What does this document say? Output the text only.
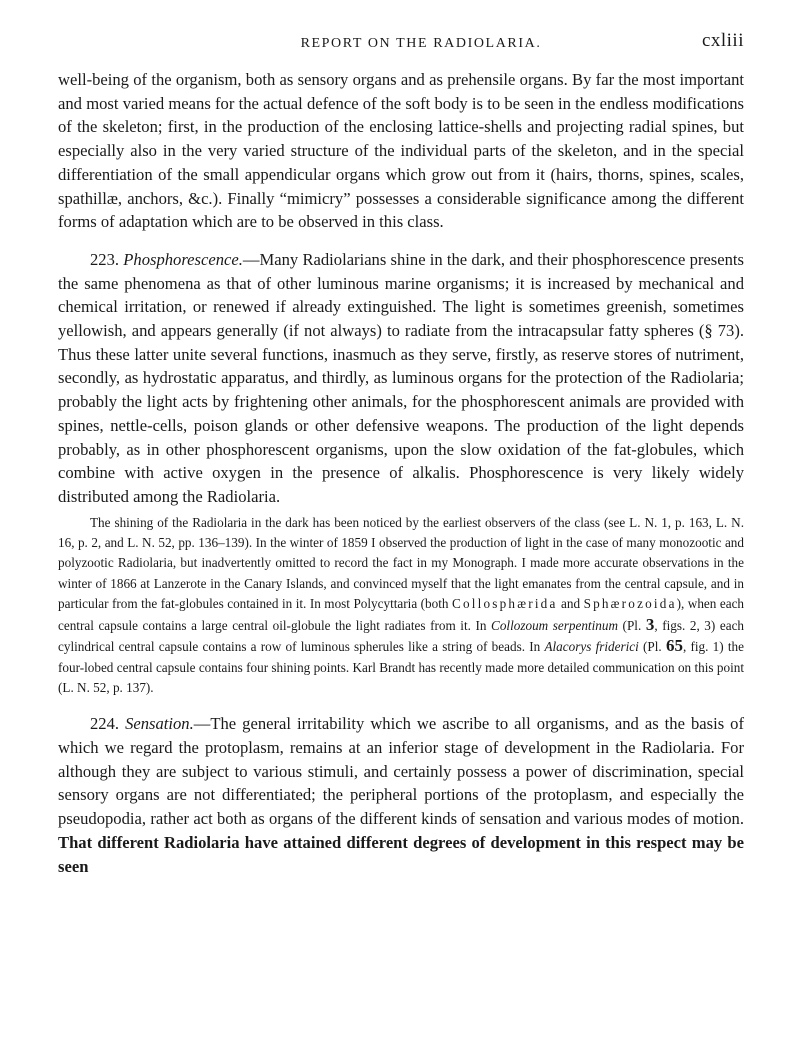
REPORT ON THE RADIOLARIA.	cxliii

well-being of the organism, both as sensory organs and as prehensile organs. By far the most important and most varied means for the actual defence of the soft body is to be seen in the endless modifications of the skeleton; first, in the production of the enclosing lattice-shells and projecting radial spines, but especially also in the very varied structure of the individual parts of the skeleton, and in the special differentiation of the small appendicular organs which grow out from it (hairs, thorns, spines, scales, spathillæ, anchors, &c.). Finally “mimicry” possesses a considerable significance among the different forms of adaptation which are to be observed in this class.

223. Phosphorescence.—Many Radiolarians shine in the dark, and their phosphorescence presents the same phenomena as that of other luminous marine organisms; it is increased by mechanical and chemical irritation, or renewed if already extinguished. The light is sometimes greenish, sometimes yellowish, and appears generally (if not always) to radiate from the intracapsular fatty spheres (§ 73). Thus these latter unite several functions, inasmuch as they serve, firstly, as reserve stores of nutriment, secondly, as hydrostatic apparatus, and thirdly, as luminous organs for the protection of the Radiolaria; probably the light acts by frightening other animals, for the phosphorescent animals are provided with spines, nettle-cells, poison glands or other defensive weapons. The production of the light depends probably, as in other phosphorescent organisms, upon the slow oxidation of the fat-globules, which combine with active oxygen in the presence of alkalis. Phosphorescence is very likely widely distributed among the Radiolaria.

The shining of the Radiolaria in the dark has been noticed by the earliest observers of the class (see L. N. 1, p. 163, L. N. 16, p. 2, and L. N. 52, pp. 136–139). In the winter of 1859 I observed the production of light in the case of many monozootic and polyzootic Radiolaria, but inadvertently omitted to record the fact in my Monograph. I made more accurate observations in the winter of 1866 at Lanzerote in the Canary Islands, and convinced myself that the light emanates from the central capsule, and in particular from the fat-globules contained in it. In most Polycyttaria (both Collosphærida and Sphærozoida), when each central capsule contains a large central oil-globule the light radiates from it. In Collozoum serpentinum (Pl. 3, figs. 2, 3) each cylindrical central capsule contains a row of luminous spherules like a string of beads. In Alacorys friderici (Pl. 65, fig. 1) the four-lobed central capsule contains four shining points. Karl Brandt has recently made more detailed communication on this point (L. N. 52, p. 137).

224. Sensation.—The general irritability which we ascribe to all organisms, and as the basis of which we regard the protoplasm, remains at an inferior stage of development in the Radiolaria. For although they are subject to various stimuli, and certainly possess a power of discrimination, special sensory organs are not differentiated; the peripheral portions of the protoplasm, and especially the pseudopodia, rather act both as organs of the different kinds of sensation and various modes of motion. That different Radiolaria have attained different degrees of development in this respect may be seen
